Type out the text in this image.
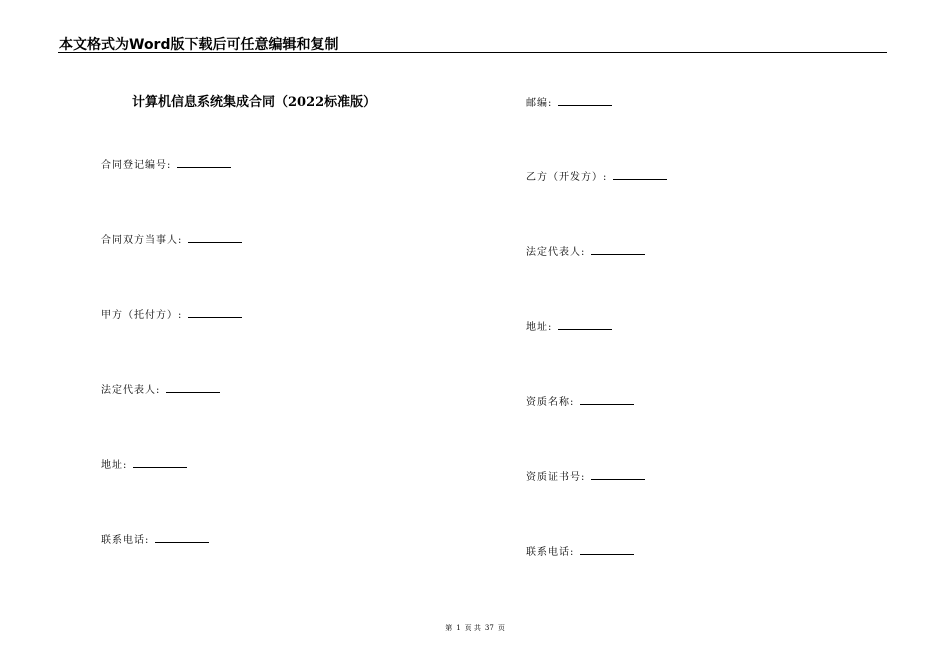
本文格式为Word版下载后可任意编辑和复制
计算机信息系统集成合同（2022标准版）
合同登记编号:
合同双方当事人:
甲方（托付方）:
法定代表人:
地址:
联系电话:
邮编:
乙方（开发方）:
法定代表人:
地址:
资质名称:
资质证书号:
联系电话:
第 1 页 共 37 页
